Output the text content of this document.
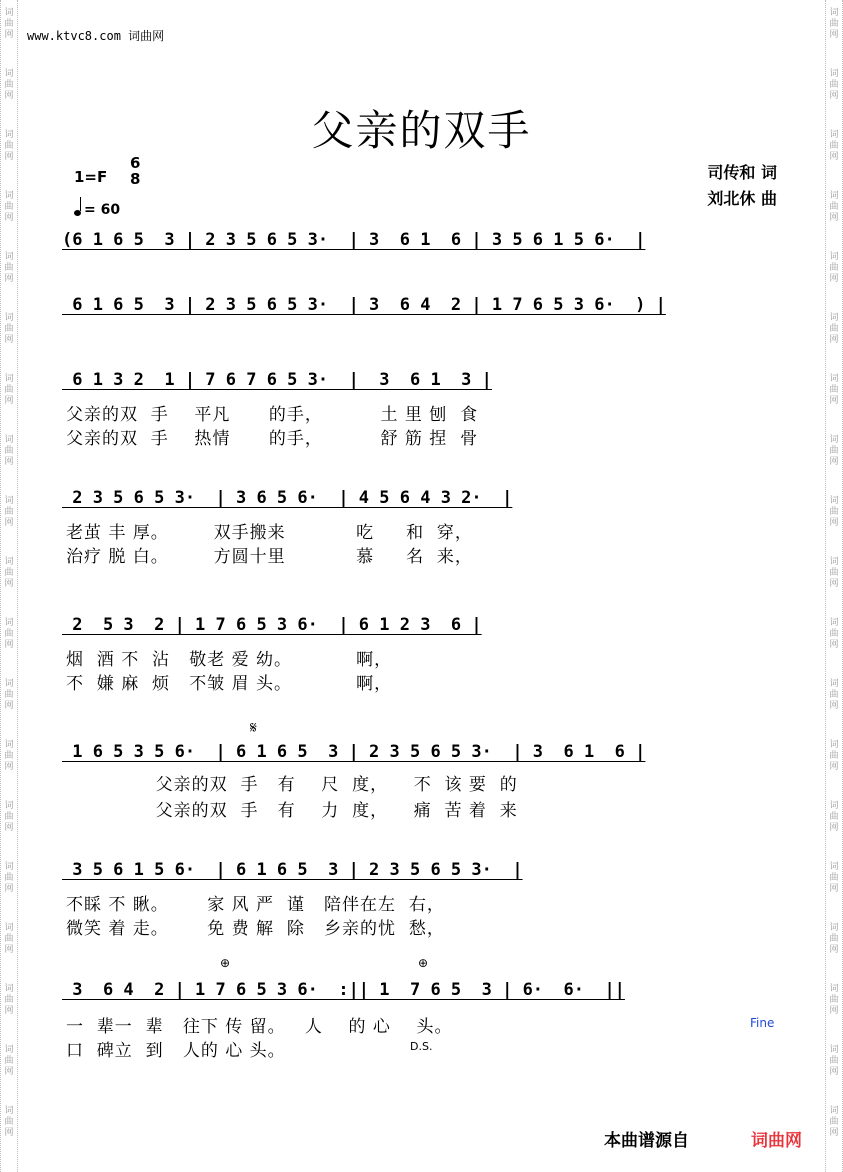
词曲网
词曲网
词曲网
词曲网
词曲网
词曲网
词曲网
词曲网
词曲网
词曲网
词曲网
词曲网
词曲网
词曲网
词曲网
词曲网
词曲网
词曲网
词曲网
词曲网
词曲网
词曲网
词曲网
词曲网
词曲网
词曲网
词曲网
词曲网
词曲网
词曲网
词曲网
词曲网
词曲网
词曲网
词曲网
词曲网
词曲网
词曲网
www.ktvc8.com 词曲网
父亲的双手
1=F
6
8
= 60
司传和 词
刘北休 曲
(6 1 6 5  3 | 2 3 5 6 5 3·  | 3  6 1  6 | 3 5 6 1 5 6·  |
6 1 6 5  3 | 2 3 5 6 5 3·  | 3  6 4  2 | 1 7 6 5 3 6·  ) |
6 1 3 2  1 | 7 6 7 6 5 3·  |  3  6 1  3 |
父亲的双  手    平凡      的手，         土 里 刨  食
父亲的双  手    热情      的手，         舒 筋 捏  骨
2 3 5 6 5 3·  | 3 6 5 6·  | 4 5 6 4 3 2·  |
老茧 丰 厚。       双手搬来           吃     和  穿，
治疗 脱 白。       方圆十里           慕     名  来，
2  5 3  2 | 1 7 6 5 3 6·  | 6 1 2 3  6 |
烟  酒 不  沾   敬老 爱 幼。          啊，
不  嫌 麻  烦   不皱 眉 头。          啊，
𝄋
1 6 5 3 5 6·  | 6 1 6 5  3 | 2 3 5 6 5 3·  | 3  6 1  6 |
父亲的双  手   有    尺  度，    不  该 要  的
父亲的双  手   有    力  度，    痛  苦 着  来
3 5 6 1 5 6·  | 6 1 6 5  3 | 2 3 5 6 5 3·  |
不睬 不 瞅。      家 风 严  谨   陪伴在左  右，
微笑 着 走。      免 费 解  除   乡亲的忧  愁，
⊕	⊕
3  6 4  2 | 1 7 6 5 3 6·  :|| 1  7 6 5  3 | 6·  6·  ||
一  辈一  辈   往下 传 留。   人    的 心    头。
口  碑立  到   人的 心 头。
Fine
D.S.
本曲谱源自	词曲网
